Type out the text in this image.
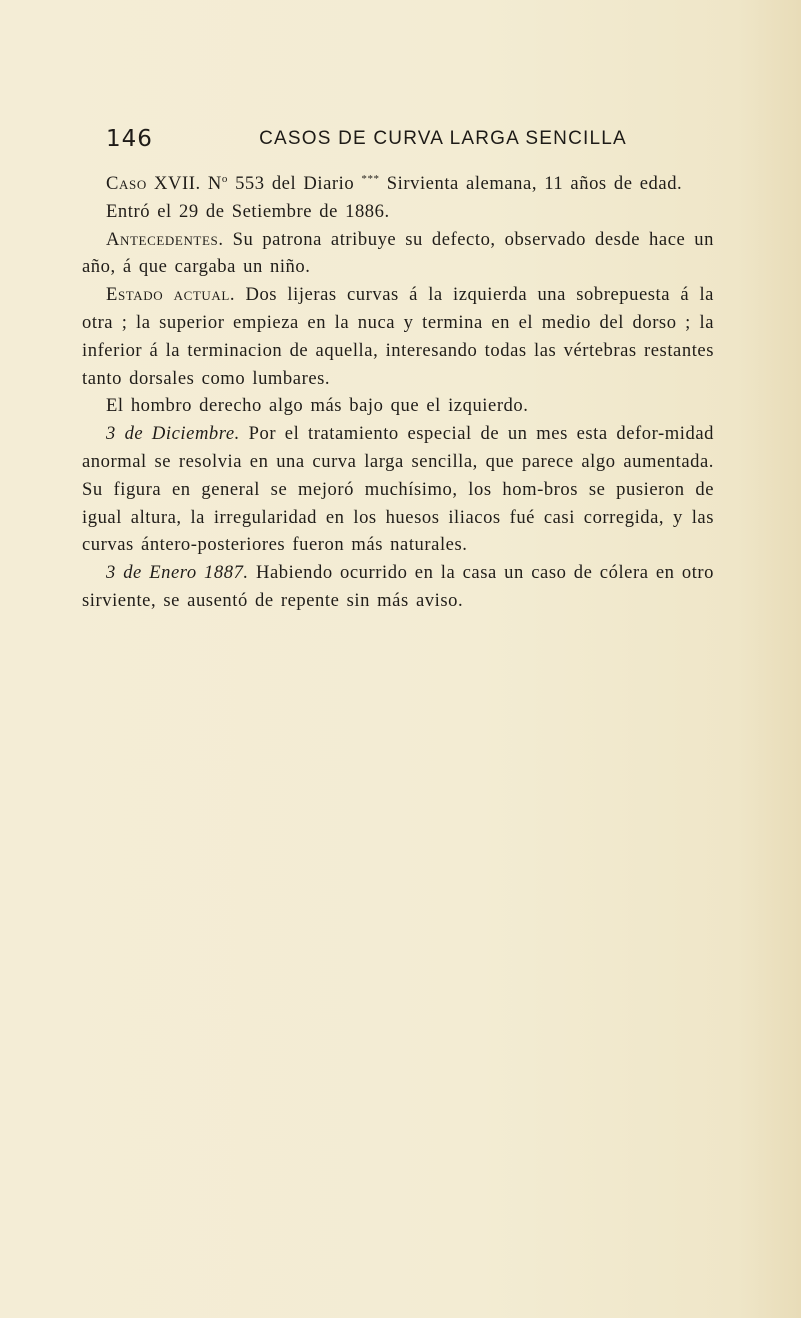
146	CASOS DE CURVA LARGA SENCILLA

Caso XVII. $N^o$ 553 del Diario *** Sirvienta alemana, 11 años de edad.

Entró el 29 de Setiembre de 1886.

Antecedentes. Su patrona atribuye su defecto, observado desde hace un año, á que cargaba un niño.

Estado actual. Dos lijeras curvas á la izquierda una sobrepuesta á la otra ; la superior empieza en la nuca y termina en el medio del dorso ; la inferior á la terminacion de aquella, interesando todas las vértebras restantes tanto dorsales como lumbares.

El hombro derecho algo más bajo que el izquierdo.

3 de Diciembre. Por el tratamiento especial de un mes esta defor-midad anormal se resolvia en una curva larga sencilla, que parece algo aumentada. Su figura en general se mejoró muchísimo, los hom-bros se pusieron de igual altura, la irregularidad en los huesos iliacos fué casi corregida, y las curvas ántero-posteriores fueron más naturales.

3 de Enero 1887. Habiendo ocurrido en la casa un caso de cólera en otro sirviente, se ausentó de repente sin más aviso.
